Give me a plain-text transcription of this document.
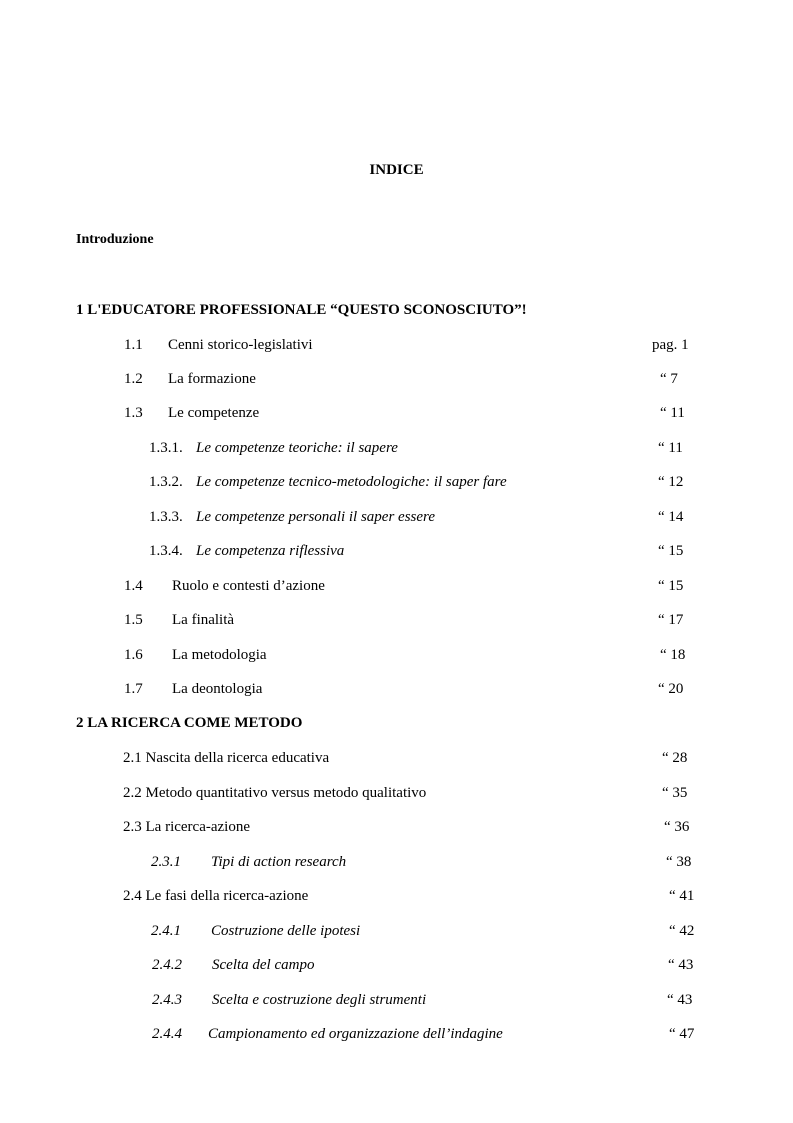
INDICE
Introduzione
1 L'EDUCATORE PROFESSIONALE “QUESTO SCONOSCIUTO”!
1.1 Cenni storico-legislativi	pag. 1
1.2 La formazione	“ 7
1.3 Le competenze	“ 11
1.3.1. Le competenze teoriche: il sapere	“ 11
1.3.2. Le competenze tecnico-metodologiche: il saper fare	“ 12
1.3.3. Le competenze personali il saper essere	“ 14
1.3.4. Le competenza riflessiva	“ 15
1.4 Ruolo e contesti d’azione	“ 15
1.5 La finalità	“ 17
1.6 La metodologia	“ 18
1.7 La deontologia	“ 20
2 LA RICERCA COME METODO
2.1 Nascita della ricerca educativa	“ 28
2.2 Metodo quantitativo versus metodo qualitativo	“ 35
2.3 La ricerca-azione	“ 36
2.3.1 Tipi di action research	“ 38
2.4 Le fasi della ricerca-azione	“ 41
2.4.1 Costruzione delle ipotesi	“ 42
2.4.2 Scelta del campo	“ 43
2.4.3 Scelta e costruzione degli strumenti	“ 43
2.4.4 Campionamento ed organizzazione dell’indagine	“ 47
